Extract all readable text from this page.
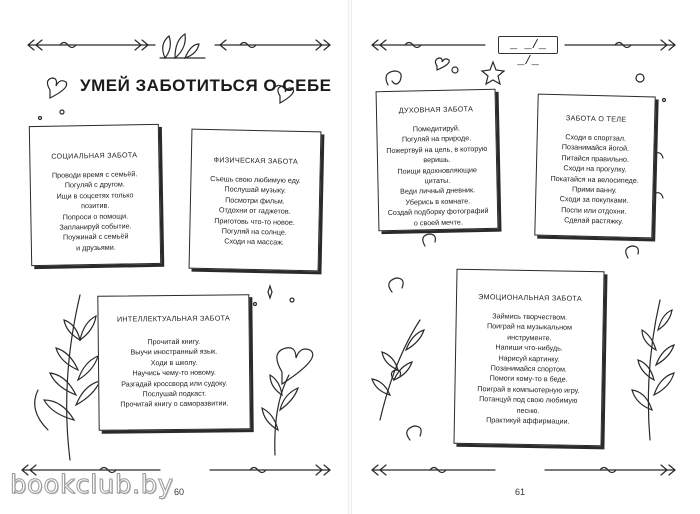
УМЕЙ ЗАБОТИТЬСЯ О СЕБЕ
СОЦИАЛЬНАЯ ЗАБОТА
Проводи время с семьёй.
Погуляй с другом.
Ищи в соцсетях только
позитив.
Попроси о помощи.
Запланируй событие.
Поужинай с семьёй
и друзьями.
ФИЗИЧЕСКАЯ ЗАБОТА
Съешь свою любимую еду.
Послушай музыку.
Посмотри фильм.
Отдохни от гаджетов.
Приготовь что-то новое.
Погуляй на солнце.
Сходи на массаж.
ИНТЕЛЛЕКТУАЛЬНАЯ ЗАБОТА
Прочитай книгу.
Выучи иностранный язык.
Ходи в школу.
Научись чему-то новому.
Разгадай кроссворд или судоку.
Послушай подкаст.
Прочитай книгу о саморазвитии.
60
bookclub.by
_ _/_ _/_
ДУХОВНАЯ ЗАБОТА
Помедитируй.
Погуляй на природе.
Пожертвуй на цель, в которую
веришь.
Поищи вдохновляющие
цитаты.
Веди личный дневник.
Уберись в комнате.
Создай подборку фотографий
о своей мечте.
ЗАБОТА О ТЕЛЕ
Сходи в спортзал.
Позанимайся йогой.
Питайся правильно.
Сходи на прогулку.
Покатайся на велосипеде.
Прими ванну.
Сходи за покупками.
Поспи или отдохни.
Сделай растяжку.
ЭМОЦИОНАЛЬНАЯ ЗАБОТА
Займись творчеством.
Поиграй на музыкальном
инструменте.
Напиши что-нибудь.
Нарисуй картинку.
Позанимайся спортом.
Помоги кому-то в беде.
Поиграй в компьютерную игру.
Потанцуй под свою любимую
песню.
Практикуй аффирмации.
61
